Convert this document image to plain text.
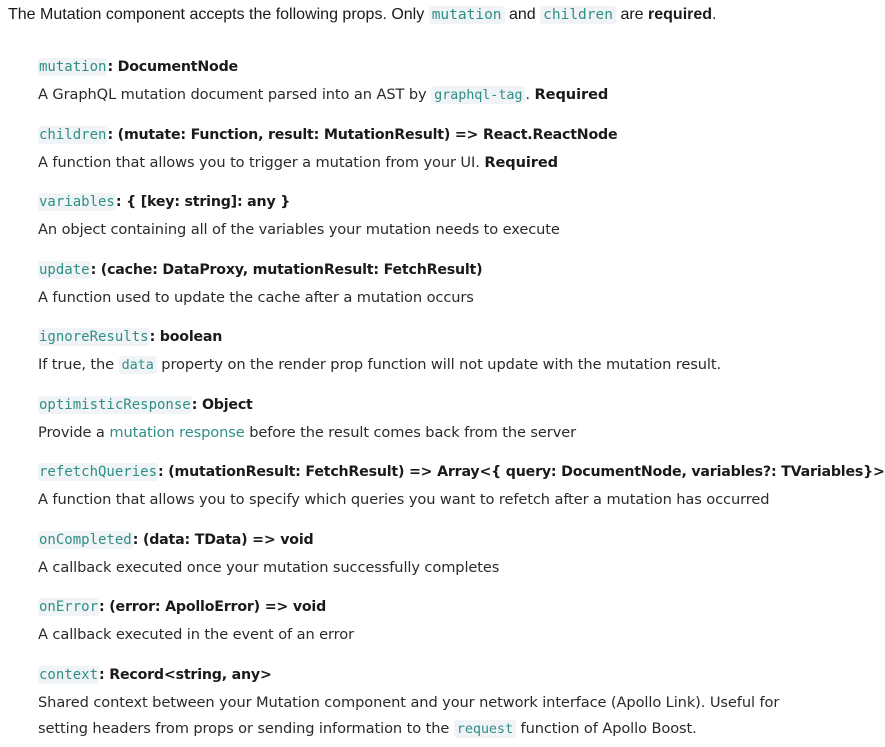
The Mutation component accepts the following props. Only mutation and children are required.

mutation: DocumentNode
A GraphQL mutation document parsed into an AST by graphql-tag . Required
children: (mutate: Function, result: MutationResult) => React.ReactNode
A function that allows you to trigger a mutation from your UI. Required
variables: { [key: string]: any }
An object containing all of the variables your mutation needs to execute
update: (cache: DataProxy, mutationResult: FetchResult)
A function used to update the cache after a mutation occurs
ignoreResults: boolean
If true, the data property on the render prop function will not update with the mutation result.
optimisticResponse: Object
Provide a mutation response before the result comes back from the server
refetchQueries: (mutationResult: FetchResult) => Array<{ query: DocumentNode, variables?: TVariables}>
A function that allows you to specify which queries you want to refetch after a mutation has occurred
onCompleted: (data: TData) => void
A callback executed once your mutation successfully completes
onError: (error: ApolloError) => void
A callback executed in the event of an error
context: Record<string, any>
Shared context between your Mutation component and your network interface (Apollo Link). Useful for setting headers from props or sending information to the request function of Apollo Boost.
